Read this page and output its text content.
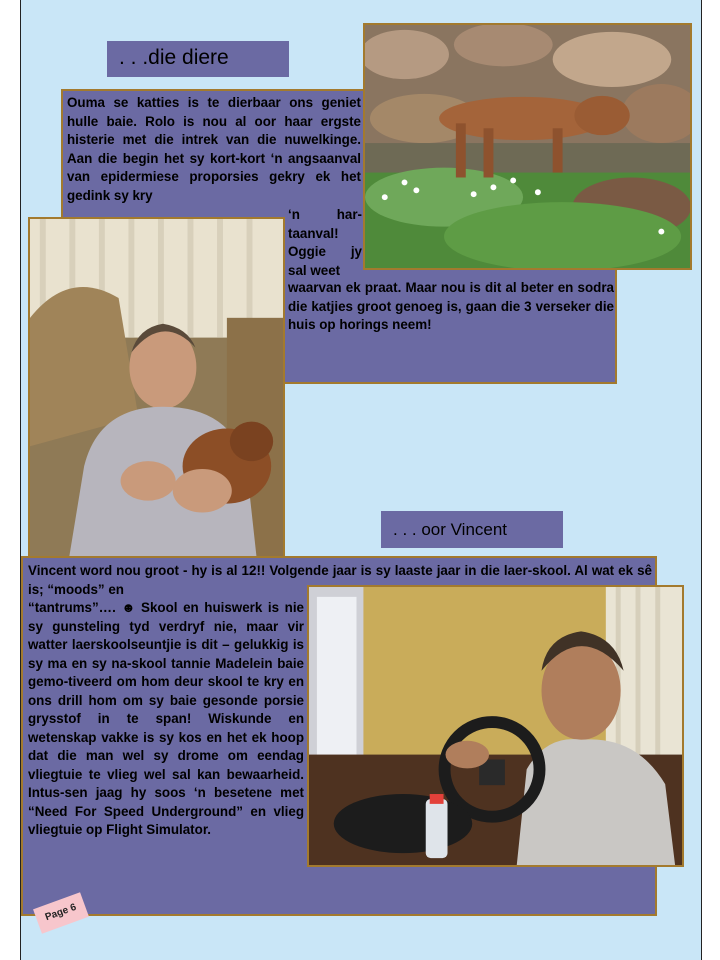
. . .die diere

Ouma se katties is te dierbaar ons geniet hulle baie. Rolo is nou al oor haar ergste histerie met die intrek van die nuwelkinge. Aan die begin het sy kort-kort ‘n angsaanval van epidermiese proporsies gekry ek het gedink sy kry

‘n har-taanval! Oggie jy sal weet

waarvan ek praat. Maar nou is dit al beter en sodra die katjies groot genoeg is, gaan die 3 verseker die huis op horings neem!

. . . oor Vincent

Vincent word nou groot - hy is al 12!! Volgende jaar is sy laaste jaar in die laer-skool. Al wat ek sê is; “moods” en

“tantrums”…. ☻ Skool en huiswerk is nie sy gunsteling tyd verdryf nie, maar vir watter laerskoolseuntjie is dit – gelukkig is sy ma en sy na-skool tannie Madelein baie gemo-tiveerd om hom deur skool te kry en ons drill hom om sy baie gesonde porsie grysstof in te span! Wiskunde en wetenskap vakke is sy kos en het ek hoop dat die man wel sy drome om eendag vliegtuie te vlieg wel sal kan bewaarheid. Intus-sen jaag hy soos ‘n besetene met “Need For Speed Underground” en vlieg vliegtuie op Flight Simulator.

Page 6
